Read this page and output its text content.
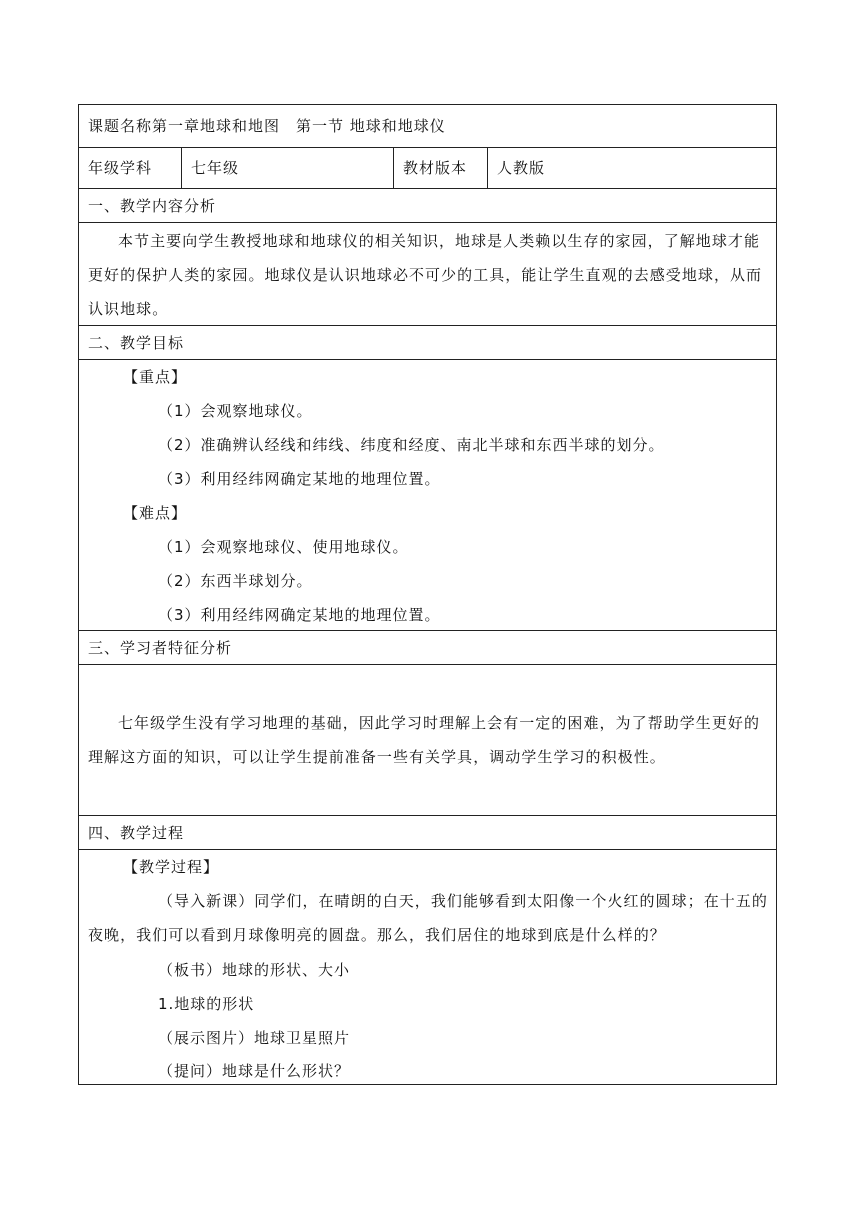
课题名称第一章地球和地图　第一节 地球和地球仪
年级学科	七年级	教材版本 人教版
一、教学内容分析
本节主要向学生教授地球和地球仪的相关知识，地球是人类赖以生存的家园，了解地球才能更好的保护人类的家园。地球仪是认识地球必不可少的工具，能让学生直观的去感受地球，从而认识地球。
二、教学目标
【重点】
（1）会观察地球仪。
（2）准确辨认经线和纬线、纬度和经度、南北半球和东西半球的划分。
（3）利用经纬网确定某地的地理位置。
【难点】
（1）会观察地球仪、使用地球仪。
（2）东西半球划分。
（3）利用经纬网确定某地的地理位置。
三、学习者特征分析
七年级学生没有学习地理的基础，因此学习时理解上会有一定的困难，为了帮助学生更好的理解这方面的知识，可以让学生提前准备一些有关学具，调动学生学习的积极性。
四、教学过程
【教学过程】
（导入新课）同学们，在晴朗的白天，我们能够看到太阳像一个火红的圆球；在十五的夜晚，我们可以看到月球像明亮的圆盘。那么，我们居住的地球到底是什么样的？
（板书）地球的形状、大小
1.地球的形状
（展示图片）地球卫星照片
（提问）地球是什么形状？
